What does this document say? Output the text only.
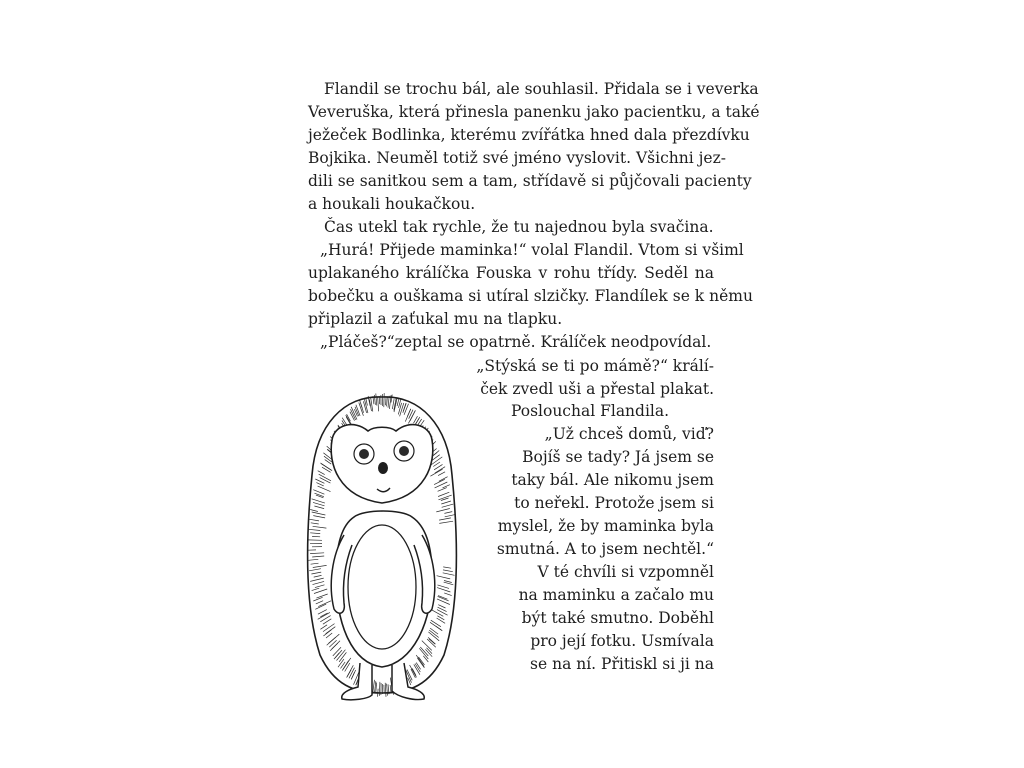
Flandil se trochu bál, ale souhlasil. Přidala se i veverka

Veveruška, která přinesla panenku jako pacientku, a také

ježeček Bodlinka, kterému zvířátka hned dala přezdívku

Bojkika. Neuměl totiž své jméno vyslovit. Všichni jez-

dili se sanitkou sem a tam, střídavě si půjčovali pacienty

a houkali houkačkou.

Čas utekl tak rychle, že tu najednou byla svačina.

„Hurá! Přijede maminka!“ volal Flandil. Vtom si všiml

uplakaného králíčka Fouska v rohu třídy. Seděl na

bobečku a ouškama si utíral slzičky. Flandílek se k němu

připlazil a zaťukal mu na tlapku.

„Pláčeš?“zeptal se opatrně. Králíček neodpovídal.

„Stýská se ti po mámě?“ králí-

ček zvedl uši a přestal plakat.

Poslouchal Flandila.

„Už chceš domů, viď?

Bojíš se tady? Já jsem se

taky bál. Ale nikomu jsem

to neřekl. Protože jsem si

myslel, že by maminka byla

smutná. A to jsem nechtěl.“

V té chvíli si vzpomněl

na maminku a začalo mu

být také smutno. Doběhl

pro její fotku. Usmívala

se na ní. Přitiskl si ji na
